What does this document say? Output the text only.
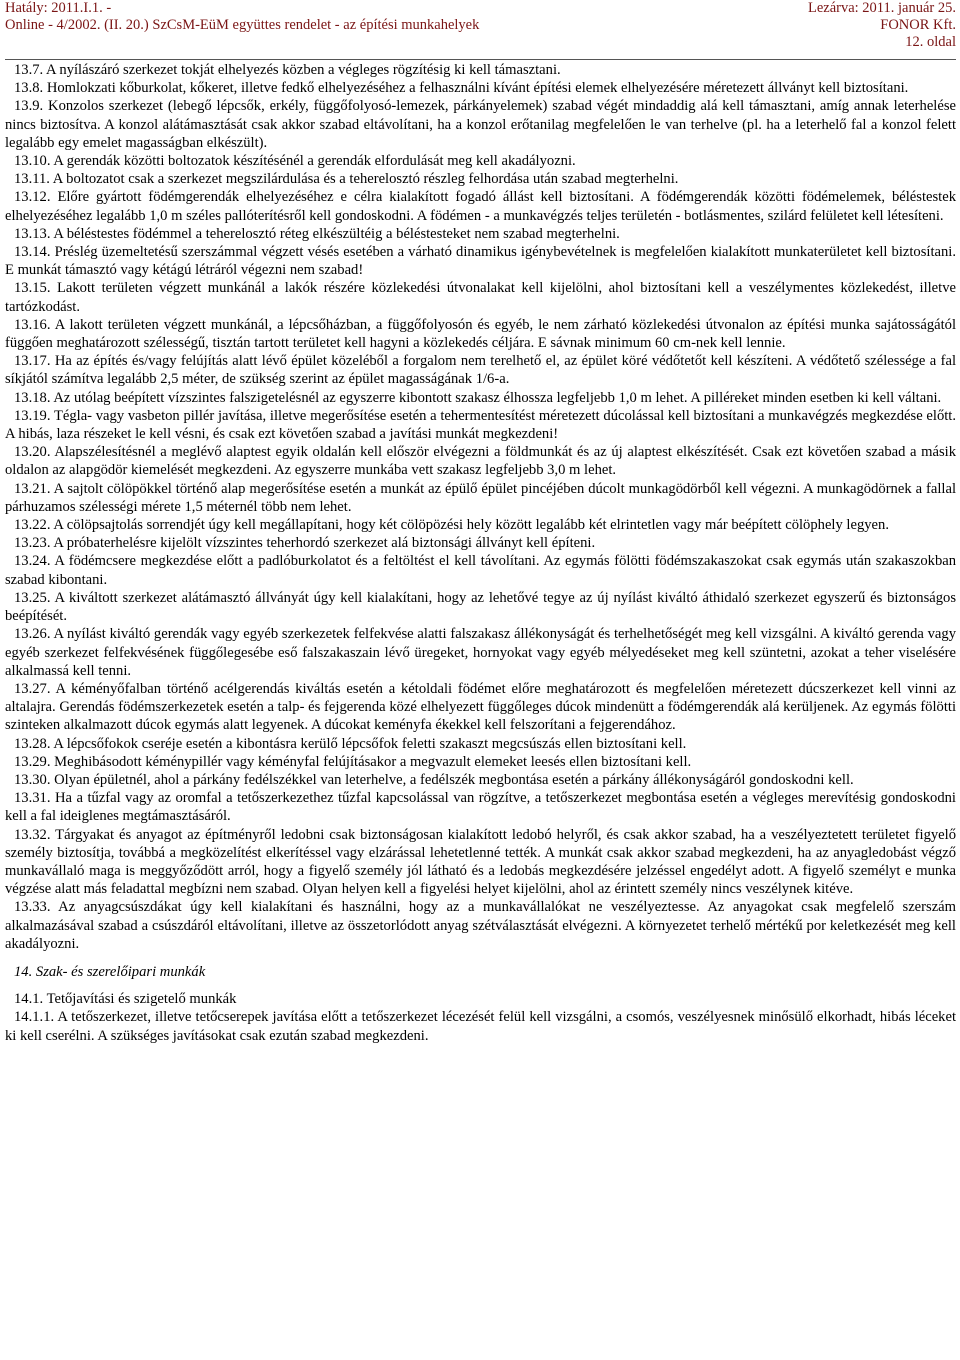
Hatály: 2011.I.1. -
Online - 4/2002. (II. 20.) SzCsM-EüM együttes rendelet - az építési munkahelyek
Lezárva: 2011. január 25.
FONOR Kft.
12. oldal

13.7. A nyílászáró szerkezet tokját elhelyezés közben a végleges rögzítésig ki kell támasztani.

13.8. Homlokzati kőburkolat, kőkeret, illetve fedkő elhelyezéséhez a felhasználni kívánt építési elemek elhelyezésére méretezett állványt kell biztosítani.

13.9. Konzolos szerkezet (lebegő lépcsők, erkély, függőfolyosó-lemezek, párkányelemek) szabad végét mindaddig alá kell támasztani, amíg annak leterhelése nincs biztosítva. A konzol alátámasztását csak akkor szabad eltávolítani, ha a konzol erőtanilag megfelelően le van terhelve (pl. ha a leterhelő fal a konzol felett legalább egy emelet magasságban elkészült).

13.10. A gerendák közötti boltozatok készítésénél a gerendák elfordulását meg kell akadályozni.

13.11. A boltozatot csak a szerkezet megszilárdulása és a teherelosztó részleg felhordása után szabad megterhelni.

13.12. Előre gyártott födémgerendák elhelyezéséhez e célra kialakított fogadó állást kell biztosítani. A födémgerendák közötti födémelemek, béléstestek elhelyezéséhez legalább 1,0 m széles pallóterítésről kell gondoskodni. A födémen - a munkavégzés teljes területén - botlásmentes, szilárd felületet kell létesíteni.

13.13. A béléstestes födémmel a teherelosztó réteg elkészültéig a béléstesteket nem szabad megterhelni.

13.14. Préslég üzemeltetésű szerszámmal végzett vésés esetében a várható dinamikus igénybevételnek is megfelelően kialakított munkaterületet kell biztosítani. E munkát támasztó vagy kétágú létráról végezni nem szabad!

13.15. Lakott területen végzett munkánál a lakók részére közlekedési útvonalakat kell kijelölni, ahol biztosítani kell a veszélymentes közlekedést, illetve tartózkodást.

13.16. A lakott területen végzett munkánál, a lépcsőházban, a függőfolyosón és egyéb, le nem zárható közlekedési útvonalon az építési munka sajátosságától függően meghatározott szélességű, tisztán tartott területet kell hagyni a közlekedés céljára. E sávnak minimum 60 cm-nek kell lennie.

13.17. Ha az építés és/vagy felújítás alatt lévő épület közeléből a forgalom nem terelhető el, az épület köré védőtetőt kell készíteni. A védőtető szélessége a fal síkjától számítva legalább 2,5 méter, de szükség szerint az épület magasságának 1/6-a.

13.18. Az utólag beépített vízszintes falszigetelésnél az egyszerre kibontott szakasz élhossza legfeljebb 1,0 m lehet. A pilléreket minden esetben ki kell váltani.

13.19. Tégla- vagy vasbeton pillér javítása, illetve megerősítése esetén a tehermentesítést méretezett dúcolással kell biztosítani a munkavégzés megkezdése előtt. A hibás, laza részeket le kell vésni, és csak ezt követően szabad a javítási munkát megkezdeni!

13.20. Alapszélesítésnél a meglévő alaptest egyik oldalán kell először elvégezni a földmunkát és az új alaptest elkészítését. Csak ezt követően szabad a másik oldalon az alapgödör kiemelését megkezdeni. Az egyszerre munkába vett szakasz legfeljebb 3,0 m lehet.

13.21. A sajtolt cölöpökkel történő alap megerősítése esetén a munkát az épülő épület pincéjében dúcolt munkagödörből kell végezni. A munkagödörnek a fallal párhuzamos szélességi mérete 1,5 méternél több nem lehet.

13.22. A cölöpsajtolás sorrendjét úgy kell megállapítani, hogy két cölöpözési hely között legalább két elrintetlen vagy már beépített cölöphely legyen.

13.23. A próbaterhelésre kijelölt vízszintes teherhordó szerkezet alá biztonsági állványt kell építeni.

13.24. A födémcsere megkezdése előtt a padlóburkolatot és a feltöltést el kell távolítani. Az egymás fölötti födémszakaszokat csak egymás után szakaszokban szabad kibontani.

13.25. A kiváltott szerkezet alátámasztó állványát úgy kell kialakítani, hogy az lehetővé tegye az új nyílást kiváltó áthidaló szerkezet egyszerű és biztonságos beépítését.

13.26. A nyílást kiváltó gerendák vagy egyéb szerkezetek felfekvése alatti falszakasz állékonyságát és terhelhetőségét meg kell vizsgálni. A kiváltó gerenda vagy egyéb szerkezet felfekvésének függőlegesébe eső falszakaszain lévő üregeket, hornyokat vagy egyéb mélyedéseket meg kell szüntetni, azokat a teher viselésére alkalmassá kell tenni.

13.27. A kéményőfalban történő acélgerendás kiváltás esetén a kétoldali födémet előre meghatározott és megfelelően méretezett dúcszerkezet kell vinni az altalajra. Gerendás födémszerkezetek esetén a talp- és fejgerenda közé elhelyezett függőleges dúcok mindenütt a födémgerendák alá kerüljenek. Az egymás fölötti szinteken alkalmazott dúcok egymás alatt legyenek. A dúcokat keményfa ékekkel kell felszorítani a fejgerendához.

13.28. A lépcsőfokok cseréje esetén a kibontásra kerülő lépcsőfok feletti szakaszt megcsúszás ellen biztosítani kell.

13.29. Meghibásodott kéménypillér vagy kéményfal felújításakor a megvazult elemeket leesés ellen biztosítani kell.

13.30. Olyan épületnél, ahol a párkány fedélszékkel van leterhelve, a fedélszék megbontása esetén a párkány állékonyságáról gondoskodni kell.

13.31. Ha a tűzfal vagy az oromfal a tetőszerkezethez tűzfal kapcsolással van rögzítve, a tetőszerkezet megbontása esetén a végleges merevítésig gondoskodni kell a fal ideiglenes megtámasztásáról.

13.32. Tárgyakat és anyagot az építményről ledobni csak biztonságosan kialakított ledobó helyről, és csak akkor szabad, ha a veszélyeztetett területet figyelő személy biztosítja, továbbá a megközelítést elkerítéssel vagy elzárással lehetetlenné tették. A munkát csak akkor szabad megkezdeni, ha az anyagledobást végző munkavállaló maga is meggyőződött arról, hogy a figyelő személy jól látható és a ledobás megkezdésére jelzéssel engedélyt adott. A figyelő személyt e munka végzése alatt más feladattal megbízni nem szabad. Olyan helyen kell a figyelési helyet kijelölni, ahol az érintett személy nincs veszélynek kitéve.

13.33. Az anyagcsúszdákat úgy kell kialakítani és használni, hogy az a munkavállalókat ne veszélyeztesse. Az anyagokat csak megfelelő szerszám alkalmazásával szabad a csúszdáról eltávolítani, illetve az összetorlódott anyag szétválasztását elvégezni. A környezetet terhelő mértékű por keletkezését meg kell akadályozni.

14. Szak- és szerelőipari munkák

14.1. Tetőjavítási és szigetelő munkák

14.1.1. A tetőszerkezet, illetve tetőcserepek javítása előtt a tetőszerkezet lécezését felül kell vizsgálni, a csomós, veszélyesnek minősülő elkorhadt, hibás léceket ki kell cserélni. A szükséges javításokat csak ezután szabad megkezdeni.
